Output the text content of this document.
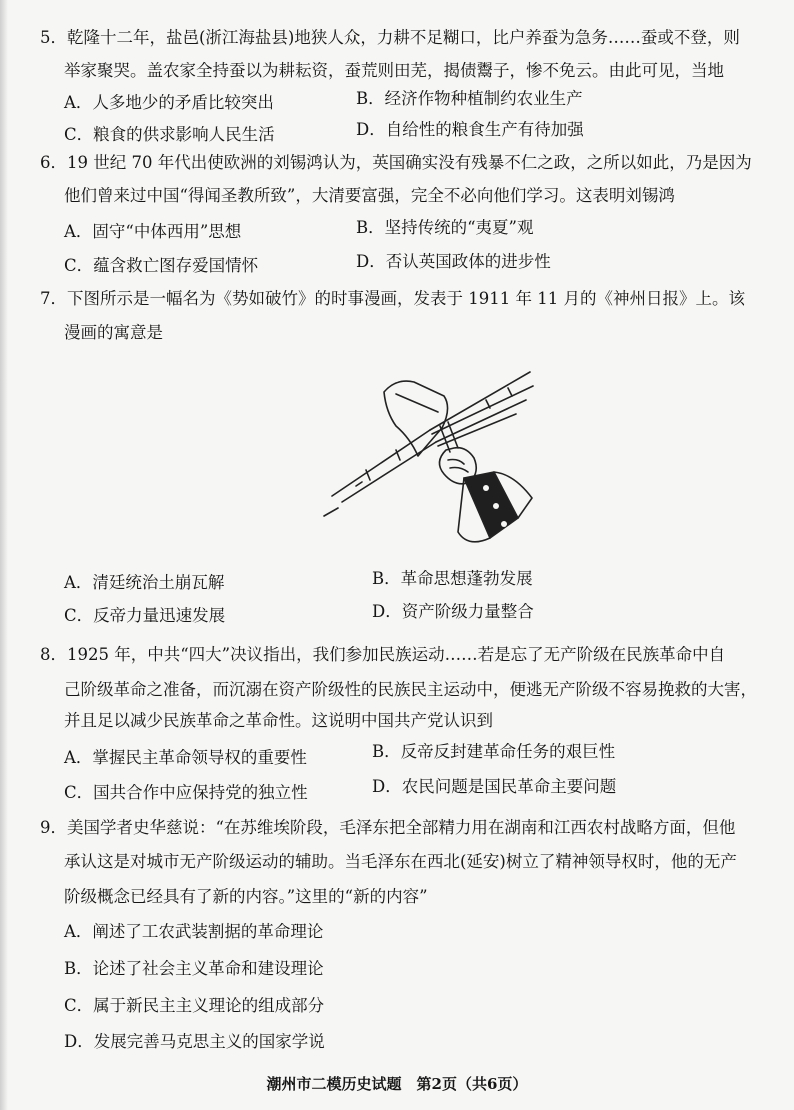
5．乾隆十二年，盐邑(浙江海盐县)地狭人众，力耕不足糊口，比户养蚕为急务……蚕或不登，则
举家聚哭。盖农家全持蚕以为耕耘资，蚕荒则田芜，揭债鬻子，惨不免云。由此可见，当地
A．人多地少的矛盾比较突出	B．经济作物种植制约农业生产
C．粮食的供求影响人民生活	D．自给性的粮食生产有待加强
6．19 世纪 70 年代出使欧洲的刘锡鸿认为，英国确实没有残暴不仁之政，之所以如此，乃是因为
他们曾来过中国“得闻圣教所致”，大清要富强，完全不必向他们学习。这表明刘锡鸿
A．固守“中体西用”思想	B．坚持传统的“夷夏”观
C．蕴含救亡图存爱国情怀	D．否认英国政体的进步性
7．下图所示是一幅名为《势如破竹》的时事漫画，发表于 1911 年 11 月的《神州日报》上。该
漫画的寓意是
A．清廷统治土崩瓦解	B．革命思想蓬勃发展
C．反帝力量迅速发展	D．资产阶级力量整合
8．1925 年，中共“四大”决议指出，我们参加民族运动……若是忘了无产阶级在民族革命中自
己阶级革命之准备，而沉溺在资产阶级性的民族民主运动中，便逃无产阶级不容易挽救的大害，
并且足以减少民族革命之革命性。这说明中国共产党认识到
A．掌握民主革命领导权的重要性	B．反帝反封建革命任务的艰巨性
C．国共合作中应保持党的独立性	D．农民问题是国民革命主要问题
9．美国学者史华慈说：“在苏维埃阶段，毛泽东把全部精力用在湖南和江西农村战略方面，但他
承认这是对城市无产阶级运动的辅助。当毛泽东在西北(延安)树立了精神领导权时，他的无产
阶级概念已经具有了新的内容。”这里的“新的内容”
A．阐述了工农武装割据的革命理论
B．论述了社会主义革命和建设理论
C．属于新民主主义理论的组成部分
D．发展完善马克思主义的国家学说
潮州市二模历史试题　第2页（共6页）
